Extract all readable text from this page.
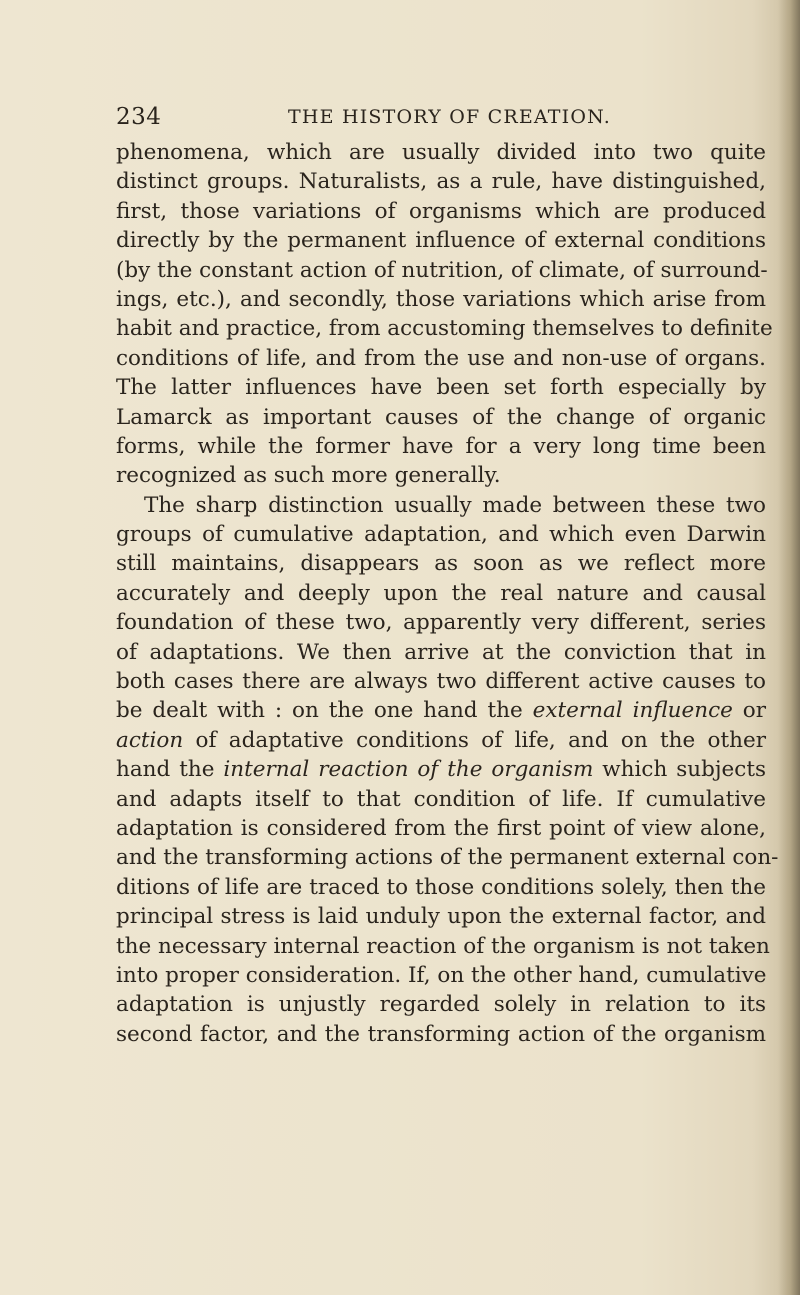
234	THE HISTORY OF CREATION.
phenomena, which are usually divided into two quite
distinct groups. Naturalists, as a rule, have distinguished,
first, those variations of organisms which are produced
directly by the permanent influence of external conditions
(by the constant action of nutrition, of climate, of surround-
ings, etc.), and secondly, those variations which arise from
habit and practice, from accustoming themselves to definite
conditions of life, and from the use and non-use of organs.
The latter influences have been set forth especially by
Lamarck as important causes of the change of organic
forms, while the former have for a very long time been
recognized as such more generally.
The sharp distinction usually made between these two
groups of cumulative adaptation, and which even Darwin
still maintains, disappears as soon as we reflect more
accurately and deeply upon the real nature and causal
foundation of these two, apparently very different, series
of adaptations. We then arrive at the conviction that in
both cases there are always two different active causes to
be dealt with : on the one hand the external influence or
action of adaptative conditions of life, and on the other
hand the internal reaction of the organism which subjects
and adapts itself to that condition of life. If cumulative
adaptation is considered from the first point of view alone,
and the transforming actions of the permanent external con-
ditions of life are traced to those conditions solely, then the
principal stress is laid unduly upon the external factor, and
the necessary internal reaction of the organism is not taken
into proper consideration. If, on the other hand, cumulative
adaptation is unjustly regarded solely in relation to its
second factor, and the transforming action of the organism
